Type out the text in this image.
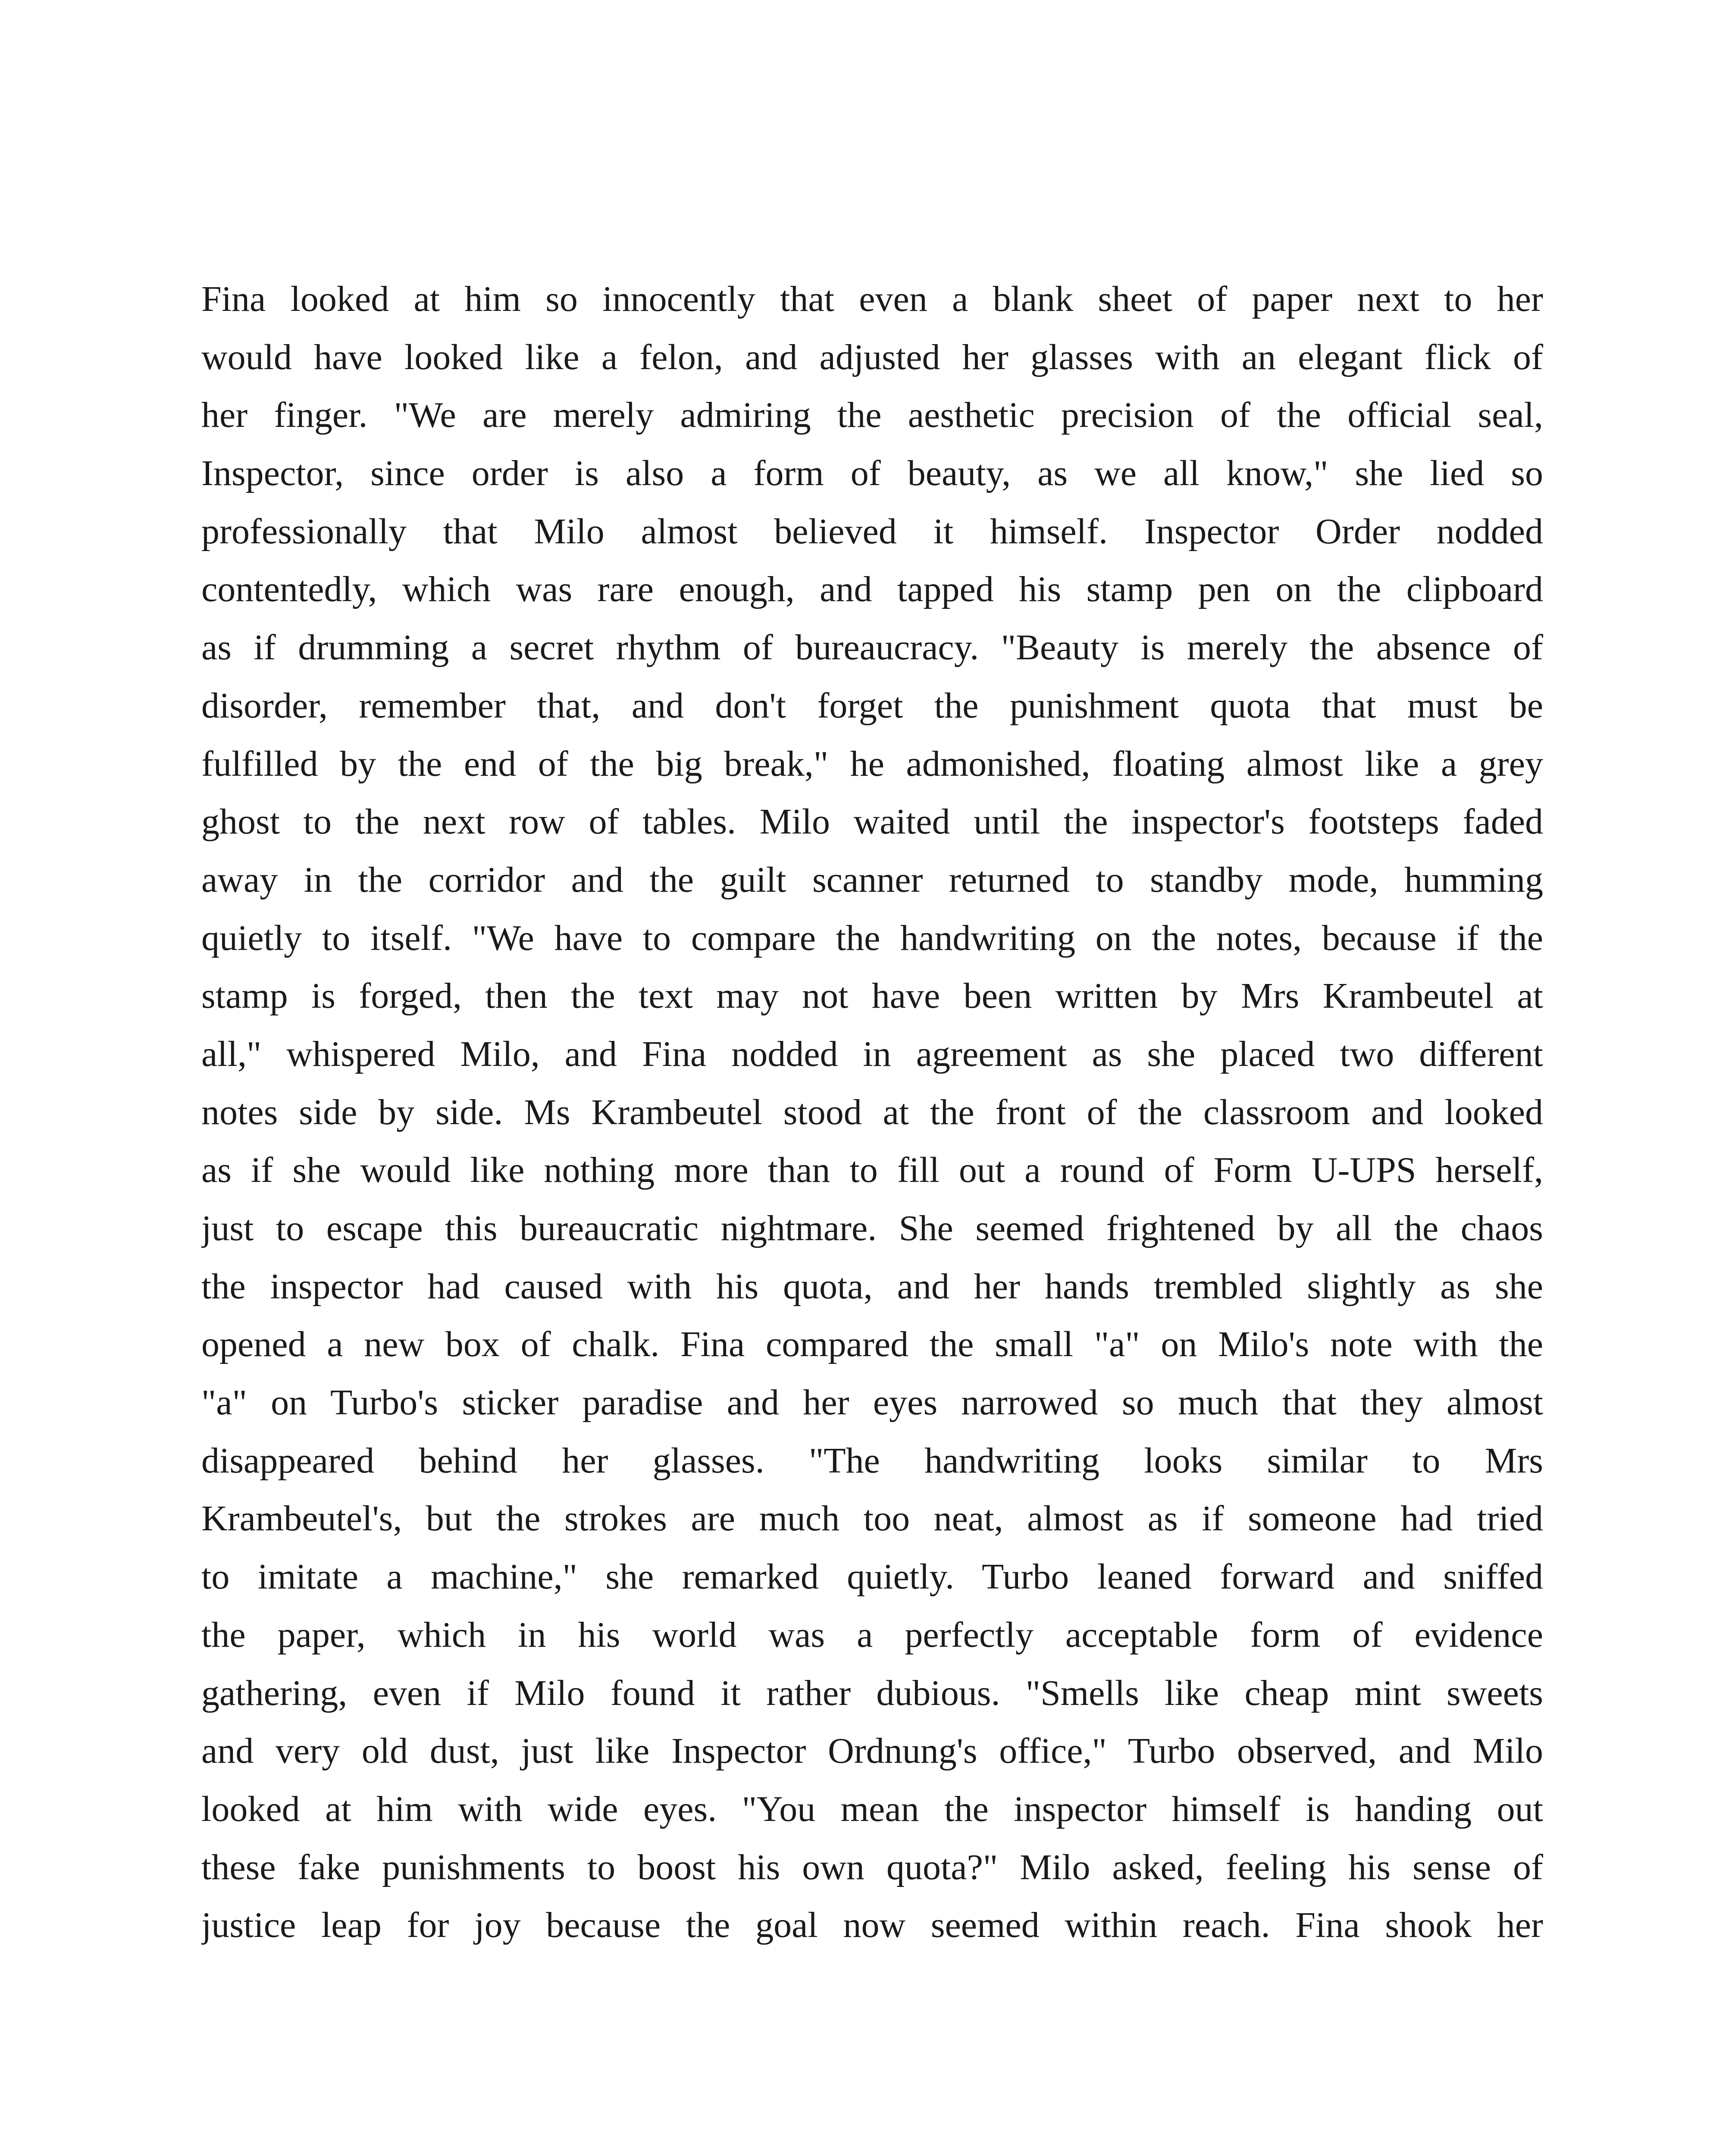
Fina looked at him so innocently that even a blank sheet of paper next to her
would have looked like a felon, and adjusted her glasses with an elegant flick of
her finger. "We are merely admiring the aesthetic precision of the official seal,
Inspector, since order is also a form of beauty, as we all know," she lied so
professionally that Milo almost believed it himself. Inspector Order nodded
contentedly, which was rare enough, and tapped his stamp pen on the clipboard
as if drumming a secret rhythm of bureaucracy. "Beauty is merely the absence of
disorder, remember that, and don't forget the punishment quota that must be
fulfilled by the end of the big break," he admonished, floating almost like a grey
ghost to the next row of tables. Milo waited until the inspector's footsteps faded
away in the corridor and the guilt scanner returned to standby mode, humming
quietly to itself. "We have to compare the handwriting on the notes, because if the
stamp is forged, then the text may not have been written by Mrs Krambeutel at
all," whispered Milo, and Fina nodded in agreement as she placed two different
notes side by side. Ms Krambeutel stood at the front of the classroom and looked
as if she would like nothing more than to fill out a round of Form U-UPS herself,
just to escape this bureaucratic nightmare. She seemed frightened by all the chaos
the inspector had caused with his quota, and her hands trembled slightly as she
opened a new box of chalk. Fina compared the small "a" on Milo's note with the
"a" on Turbo's sticker paradise and her eyes narrowed so much that they almost
disappeared behind her glasses. "The handwriting looks similar to Mrs
Krambeutel's, but the strokes are much too neat, almost as if someone had tried
to imitate a machine," she remarked quietly. Turbo leaned forward and sniffed
the paper, which in his world was a perfectly acceptable form of evidence
gathering, even if Milo found it rather dubious. "Smells like cheap mint sweets
and very old dust, just like Inspector Ordnung's office," Turbo observed, and Milo
looked at him with wide eyes. "You mean the inspector himself is handing out
these fake punishments to boost his own quota?" Milo asked, feeling his sense of
justice leap for joy because the goal now seemed within reach. Fina shook her
